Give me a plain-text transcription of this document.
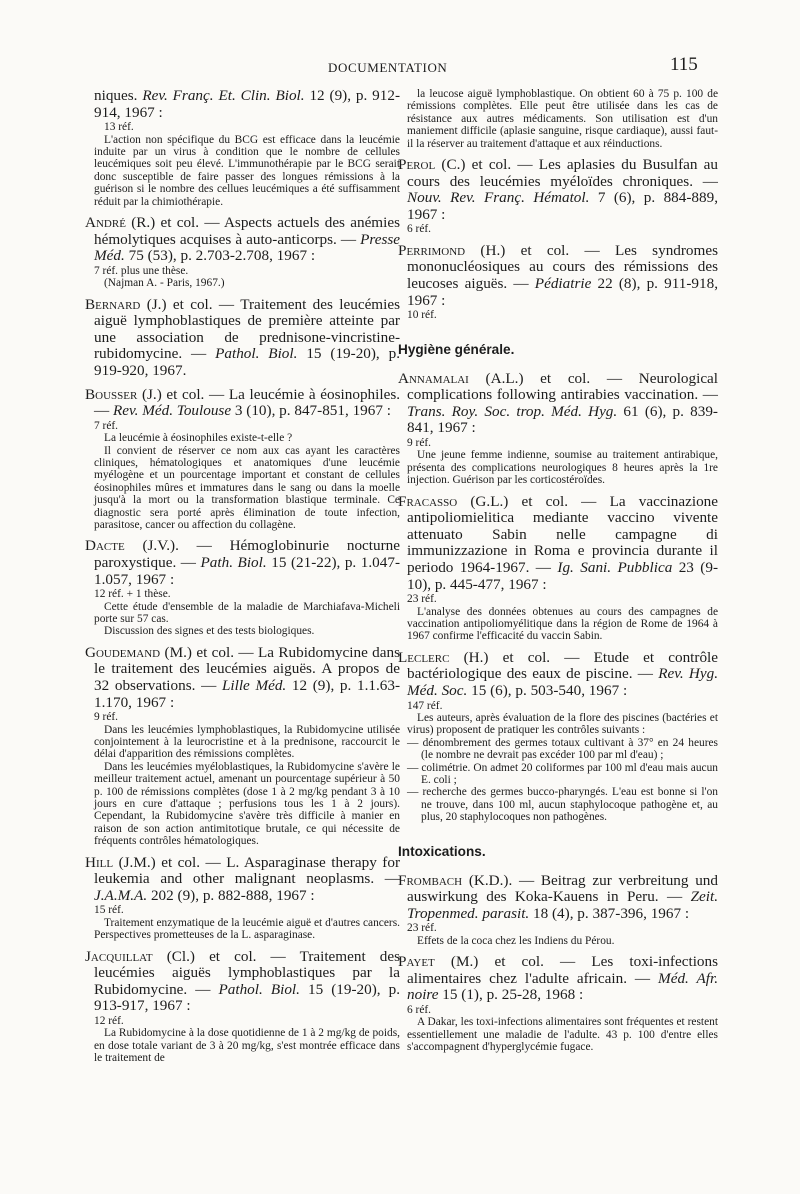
DOCUMENTATION	115
niques. Rev. Franç. Et. Clin. Biol. 12 (9), p. 912-914, 1967 :
13 réf.
L'action non spécifique du BCG est efficace dans la leucémie induite par un virus à condition que le nombre de cellules leucémiques soit peu élevé. L'immunothérapie par le BCG serait donc susceptible de faire passer des longues rémissions à la guérison si le nombre des cellues leucémiques a été suffisamment réduit par la chimiothérapie.
André (R.) et col. — Aspects actuels des anémies hémolytiques acquises à auto-anticorps. — Presse Méd. 75 (53), p. 2.703-2.708, 1967 :
7 réf. plus une thèse.
(Najman A. - Paris, 1967.)
Bernard (J.) et col. — Traitement des leucémies aiguë lymphoblastiques de première atteinte par une association de prednisone-vincristine-rubidomycine. — Pathol. Biol. 15 (19-20), p. 919-920, 1967.
Bousser (J.) et col. — La leucémie à éosinophiles. — Rev. Méd. Toulouse 3 (10), p. 847-851, 1967 :
7 réf.
La leucémie à éosinophiles existe-t-elle ?
Il convient de réserver ce nom aux cas ayant les caractères cliniques, hématologiques et anatomiques d'une leucémie myélogène et un pourcentage important et constant de cellules éosinophiles mûres et immatures dans le sang ou dans la moelle jusqu'à la mort ou la transformation blastique terminale. Ce diagnostic sera porté après élimination de toute infection, parasitose, cancer ou affection du collagène.
Dacte (J.V.). — Hémoglobinurie nocturne paroxystique. — Path. Biol. 15 (21-22), p. 1.047-1.057, 1967 :
12 réf. + 1 thèse.
Cette étude d'ensemble de la maladie de Marchiafava-Micheli porte sur 57 cas.
Discussion des signes et des tests biologiques.
Goudemand (M.) et col. — La Rubidomycine dans le traitement des leucémies aiguës. A propos de 32 observations. — Lille Méd. 12 (9), p. 1.1.63-1.170, 1967 :
9 réf.
Dans les leucémies lymphoblastiques, la Rubidomycine utilisée conjointement à la leurocristine et à la prednisone, raccourcit le délai d'apparition des rémissions complètes.
Dans les leucémies myéloblastiques, la Rubidomycine s'avère le meilleur traitement actuel, amenant un pourcentage supérieur à 50 p. 100 de rémissions complètes (dose 1 à 2 mg/kg pendant 3 à 10 jours en cure d'attaque ; perfusions tous les 1 à 2 jours). Cependant, la Rubidomycine s'avère très difficile à manier en raison de son action antimitotique brutale, ce qui nécessite de fréquents contrôles hématologiques.
Hill (J.M.) et col. — L. Asparaginase therapy for leukemia and other malignant neoplasms. — J.A.M.A. 202 (9), p. 882-888, 1967 :
15 réf.
Traitement enzymatique de la leucémie aiguë et d'autres cancers. Perspectives prometteuses de la L. asparaginase.
Jacquillat (Cl.) et col. — Traitement des leucémies aiguës lymphoblastiques par la Rubidomycine. — Pathol. Biol. 15 (19-20), p. 913-917, 1967 :
12 réf.
La Rubidomycine à la dose quotidienne de 1 à 2 mg/kg de poids, en dose totale variant de 3 à 20 mg/kg, s'est montrée efficace dans le traitement de
la leucose aiguë lymphoblastique. On obtient 60 à 75 p. 100 de rémissions complètes. Elle peut être utilisée dans les cas de résistance aux autres médicaments. Son utilisation est d'un maniement difficile (aplasie sanguine, risque cardiaque), aussi faut-il la réserver au traitement d'attaque et aux réinductions.
Perol (C.) et col. — Les aplasies du Busulfan au cours des leucémies myéloïdes chroniques. — Nouv. Rev. Franç. Hématol. 7 (6), p. 884-889, 1967 :
6 réf.
Perrimond (H.) et col. — Les syndromes mononucléosiques au cours des rémissions des leucoses aiguës. — Pédiatrie 22 (8), p. 911-918, 1967 :
10 réf.
Hygiène générale.
Annamalai (A.L.) et col. — Neurological complications following antirabies vaccination. — Trans. Roy. Soc. trop. Méd. Hyg. 61 (6), p. 839-841, 1967 :
9 réf.
Une jeune femme indienne, soumise au traitement antirabique, présenta des complications neurologiques 8 heures après la 1re injection. Guérison par les corticostéroïdes.
Fracasso (G.L.) et col. — La vaccinazione antipoliomielitica mediante vaccino vivente attenuato Sabin nelle campagne di immunizzazione in Roma e provincia durante il periodo 1964-1967. — Ig. Sani. Pubblica 23 (9-10), p. 445-477, 1967 :
23 réf.
L'analyse des données obtenues au cours des campagnes de vaccination antipoliomyélitique dans la région de Rome de 1964 à 1967 confirme l'efficacité du vaccin Sabin.
Leclerc (H.) et col. — Etude et contrôle bactériologique des eaux de piscine. — Rev. Hyg. Méd. Soc. 15 (6), p. 503-540, 1967 :
147 réf.
Les auteurs, après évaluation de la flore des piscines (bactéries et virus) proposent de pratiquer les contrôles suivants :
— dénombrement des germes totaux cultivant à 37° en 24 heures (le nombre ne devrait pas excéder 100 par ml d'eau) ;
— colimétrie. On admet 20 coliformes par 100 ml d'eau mais aucun E. coli ;
— recherche des germes bucco-pharyngés. L'eau est bonne si l'on ne trouve, dans 100 ml, aucun staphylocoque pathogène et, au plus, 20 staphylocoques non pathogènes.
Intoxications.
Frombach (K.D.). — Beitrag zur verbreitung und auswirkung des Koka-Kauens in Peru. — Zeit. Tropenmed. parasit. 18 (4), p. 387-396, 1967 :
23 réf.
Effets de la coca chez les Indiens du Pérou.
Payet (M.) et col. — Les toxi-infections alimentaires chez l'adulte africain. — Méd. Afr. noire 15 (1), p. 25-28, 1968 :
6 réf.
A Dakar, les toxi-infections alimentaires sont fréquentes et restent essentiellement une maladie de l'adulte. 43 p. 100 d'entre elles s'accompagnent d'hyperglycémie fugace.
